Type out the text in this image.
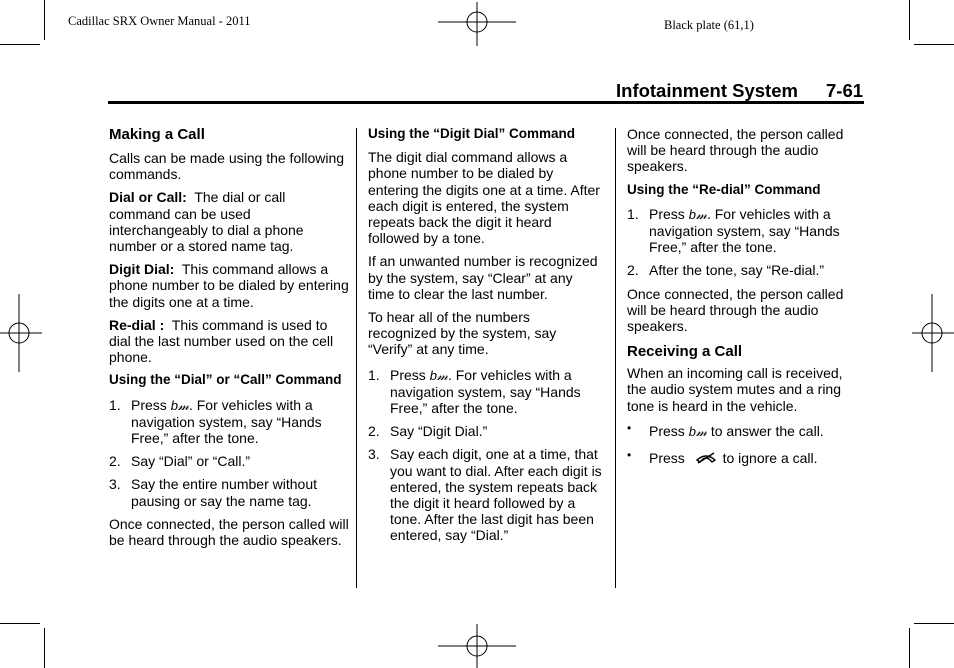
Cadillac SRX Owner Manual - 2011	Black plate (61,1)
Infotainment System 7-61
Making a Call

Calls can be made using the following commands.

Dial or Call: The dial or call command can be used interchangeably to dial a phone number or a stored name tag.

Digit Dial: This command allows a phone number to be dialed by entering the digits one at a time.

Re-dial : This command is used to dial the last number used on the cell phone.

Using the “Dial” or “Call” Command
1. Press b𝓂. For vehicles with a navigation system, say “Hands Free,” after the tone.
2. Say “Dial” or “Call.”
3. Say the entire number without pausing or say the name tag.

Once connected, the person called will be heard through the audio speakers.

Using the “Digit Dial” Command

The digit dial command allows a phone number to be dialed by entering the digits one at a time. After each digit is entered, the system repeats back the digit it heard followed by a tone.

If an unwanted number is recognized by the system, say “Clear” at any time to clear the last number.

To hear all of the numbers recognized by the system, say “Verify” at any time.

1. Press b𝓂. For vehicles with a navigation system, say “Hands Free,” after the tone.
2. Say “Digit Dial.”
3. Say each digit, one at a time, that you want to dial. After each digit is entered, the system repeats back the digit it heard followed by a tone. After the last digit has been entered, say “Dial.”

Once connected, the person called will be heard through the audio speakers.

Using the “Re-dial” Command
1. Press b𝓂. For vehicles with a navigation system, say “Hands Free,” after the tone.
2. After the tone, say “Re-dial.”

Once connected, the person called will be heard through the audio speakers.

Receiving a Call

When an incoming call is received, the audio system mutes and a ring tone is heard in the vehicle.

• Press b𝓂 to answer the call.
• Press	to ignore a call.
